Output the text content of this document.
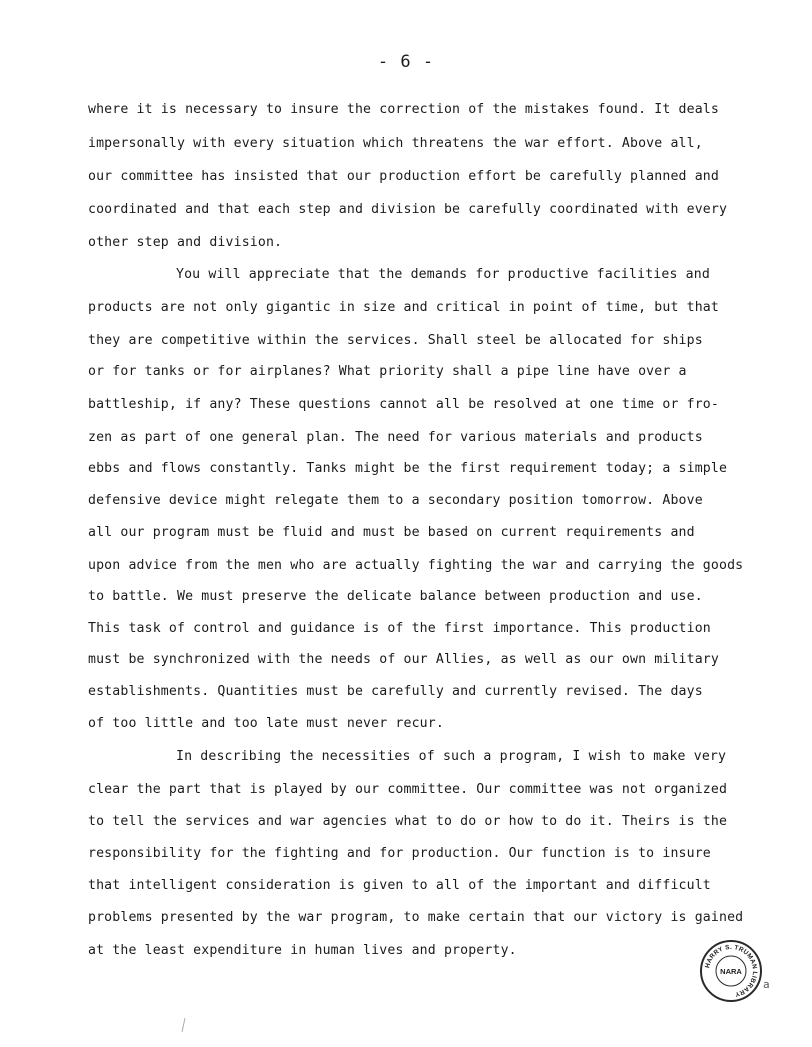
- 6 -
where it is necessary to insure the correction of the mistakes found. It deals
impersonally with every situation which threatens the war effort. Above all,
our committee has insisted that our production effort be carefully planned and
coordinated and that each step and division be carefully coordinated with every
other step and division.
You will appreciate that the demands for productive facilities and
products are not only gigantic in size and critical in point of time, but that
they are competitive within the services. Shall steel be allocated for ships
or for tanks or for airplanes? What priority shall a pipe line have over a
battleship, if any? These questions cannot all be resolved at one time or fro-
zen as part of one general plan. The need for various materials and products
ebbs and flows constantly. Tanks might be the first requirement today; a simple
defensive device might relegate them to a secondary position tomorrow. Above
all our program must be fluid and must be based on current requirements and
upon advice from the men who are actually fighting the war and carrying the goods
to battle. We must preserve the delicate balance between production and use.
This task of control and guidance is of the first importance. This production
must be synchronized with the needs of our Allies, as well as our own military
establishments. Quantities must be carefully and currently revised. The days
of too little and too late must never recur.
In describing the necessities of such a program, I wish to make very
clear the part that is played by our committee. Our committee was not organized
to tell the services and war agencies what to do or how to do it. Theirs is the
responsibility for the fighting and for production. Our function is to insure
that intelligent consideration is given to all of the important and difficult
problems presented by the war program, to make certain that our victory is gained
at the least expenditure in human lives and property.
HARRY S. TRUMAN LIBRARY
NARA
a
